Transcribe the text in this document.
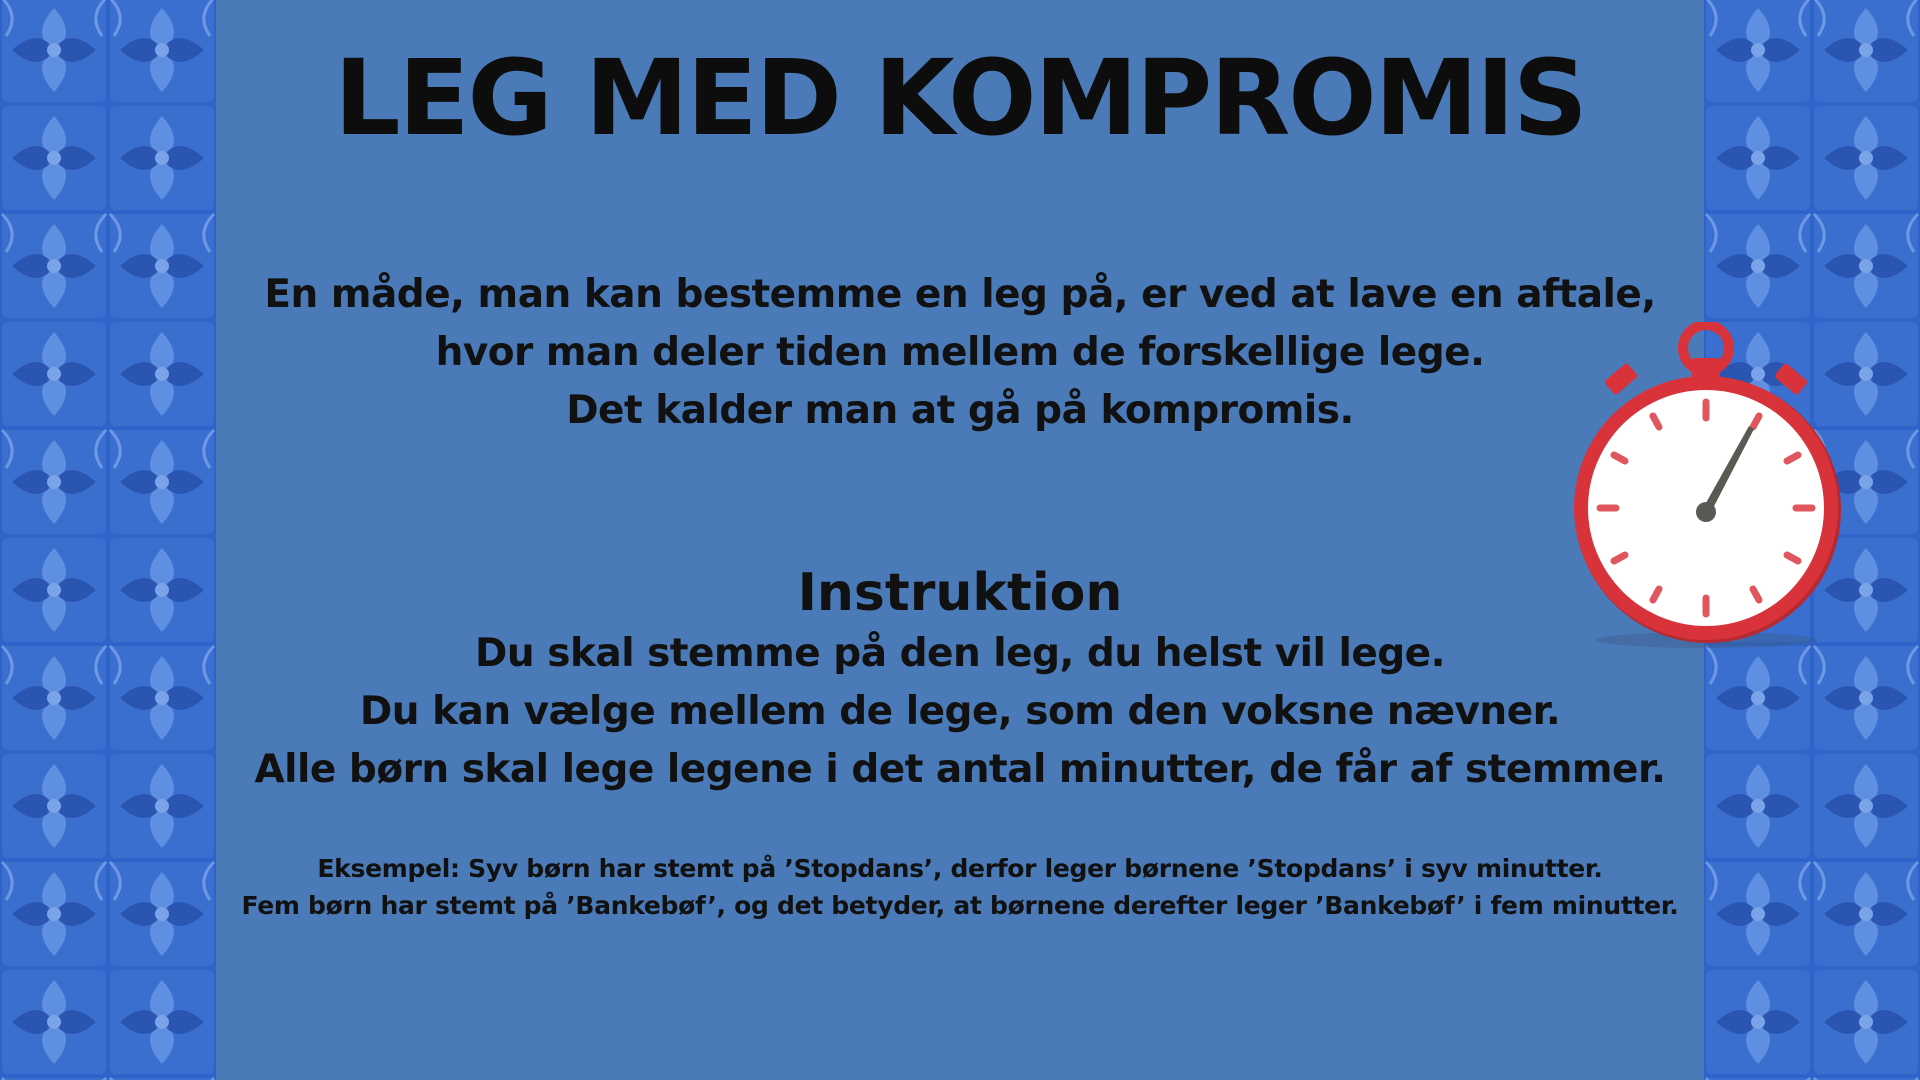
LEG MED KOMPROMIS
En måde, man kan bestemme en leg på, er ved at lave en aftale,
hvor man deler tiden mellem de forskellige lege.
Det kalder man at gå på kompromis.
Instruktion
Du skal stemme på den leg, du helst vil lege.
Du kan vælge mellem de lege, som den voksne nævner.
Alle børn skal lege legene i det antal minutter, de får af stemmer.
Eksempel: Syv børn har stemt på ’Stopdans’, derfor leger børnene ’Stopdans’ i syv minutter.
Fem børn har stemt på ’Bankebøf’, og det betyder, at børnene derefter leger ’Bankebøf’ i fem minutter.
